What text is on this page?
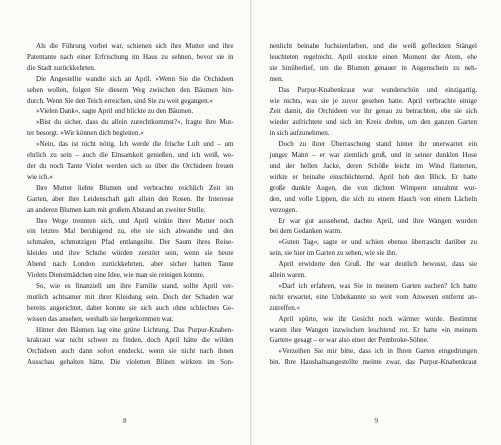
Als die Führung vorbei war, schienen sich ihre Mutter und ihre
Patentante nach einer Erfrischung im Haus zu sehnen, bevor sie in
die Stadt zurückkehrten.
Die Angestellte wandte sich an April. »Wenn Sie die Orchideen
sehen wollen, folgen Sie diesem Weg zwischen den Bäumen hin-
durch. Wenn Sie den Teich erreichen, sind Sie zu weit gegangen.«
»Vielen Dank«, sagte April und blickte zu den Bäumen.
»Bist du sicher, dass du allein zurechtkommst?«, fragte ihre Mut-
ter besorgt. »Wir können dich begleiten.«
»Nein, das ist nicht nötig. Ich werde die frische Luft und – um
ehrlich zu sein – auch die Einsamkeit genießen, und ich weiß, we-
der du noch Tante Violet werden sich so über die Orchideen freuen
wie ich.«
Ihre Mutter liebte Blumen und verbrachte reichlich Zeit im
Garten, aber ihre Leidenschaft galt allein den Rosen. Ihr Interesse
an anderen Blumen kam mit großem Abstand an zweiter Stelle.
Ihre Wege trennten sich, und April winkte ihrer Mutter noch
ein letztes Mal beruhigend zu, ehe sie sich abwandte und den
schmalen, schmutzigen Pfad entlangeilte. Der Saum ihres Reise-
kleides und ihre Schuhe würden zerstört sein, wenn sie heute
Abend nach London zurückkehrten, aber sicher hatten Tante
Violets Dienstmädchen eine Idee, wie man sie reinigen konnte.
So, wie es finanziell um ihre Familie stand, sollte April ver-
mutlich achtsamer mit ihrer Kleidung sein. Doch der Schaden war
bereits angerichtet, daher konnte sie sich auch ohne schlechtes Ge-
wissen das ansehen, weshalb sie hergekommen war.
Hinter den Bäumen lag eine grüne Lichtung. Das Purpur-Knaben-
krakraut war nicht schwer zu finden, doch April hätte die wilden
Orchideen auch dann sofort entdeckt, wenn sie nicht nach ihnen
Ausschau gehalten hätte. Die violetten Blüten wirkten im Son-
8
nenlicht beinahe fuchsienfarben, und die weiß gefleckten Stängel
leuchteten regelrecht. April stockte einen Moment der Atem, ehe
sie hinüberlief, um die Blumen genauer in Augenschein zu neh-
men.
Das Purpur-Knabenkraut war wunderschön und einzigartig,
wie nichts, was sie je zuvor gesehen hatte. April verbrachte einige
Zeit damit, die Orchideen vor ihr genau zu betrachten, ehe sie sich
wieder aufrichtete und sich im Kreis drehte, um den ganzen Garten
in sich aufzunehmen.
Doch zu ihrer Überraschung stand hinter ihr unerwartet ein
junger Mann – er war ziemlich groß, und in seiner dunklen Hose
und der hellen Jacke, deren Schöße leicht im Wind flatterten,
wirkte er beinahe einschüchternd. April hob den Blick. Er hatte
große dunkle Augen, die von dichten Wimpern umrahmt wur-
den, und volle Lippen, die sich zu einem Hauch von einem Lächeln
verzogen.
Er war gut aussehend, dachte April, und ihre Wangen wurden
bei dem Gedanken warm.
»Guten Tag«, sagte er und schien ebenso überrascht darüber zu
sein, sie hier im Garten zu sehen, wie sie ihn.
April erwiderte den Gruß. Ihr war deutlich bewusst, dass sie
allein waren.
»Darf ich erfahren, was Sie in meinem Garten suchen? Ich hatte
nicht erwartet, eine Unbekannte so weit vom Anwesen entfernt an-
zutreffen.«
April spürte, wie ihr Gesicht noch wärmer wurde. Bestimmt
waren ihre Wangen inzwischen leuchtend rot. Er hatte »in meinem
Garten« gesagt – er war also einer der Pembroke-Söhne.
»Verzeihen Sie mir bitte, dass ich in Ihren Garten eingedrungen
bin. Ihre Haushaltsangestellte meinte zwar, das Purpur-Knabenkraut
9
